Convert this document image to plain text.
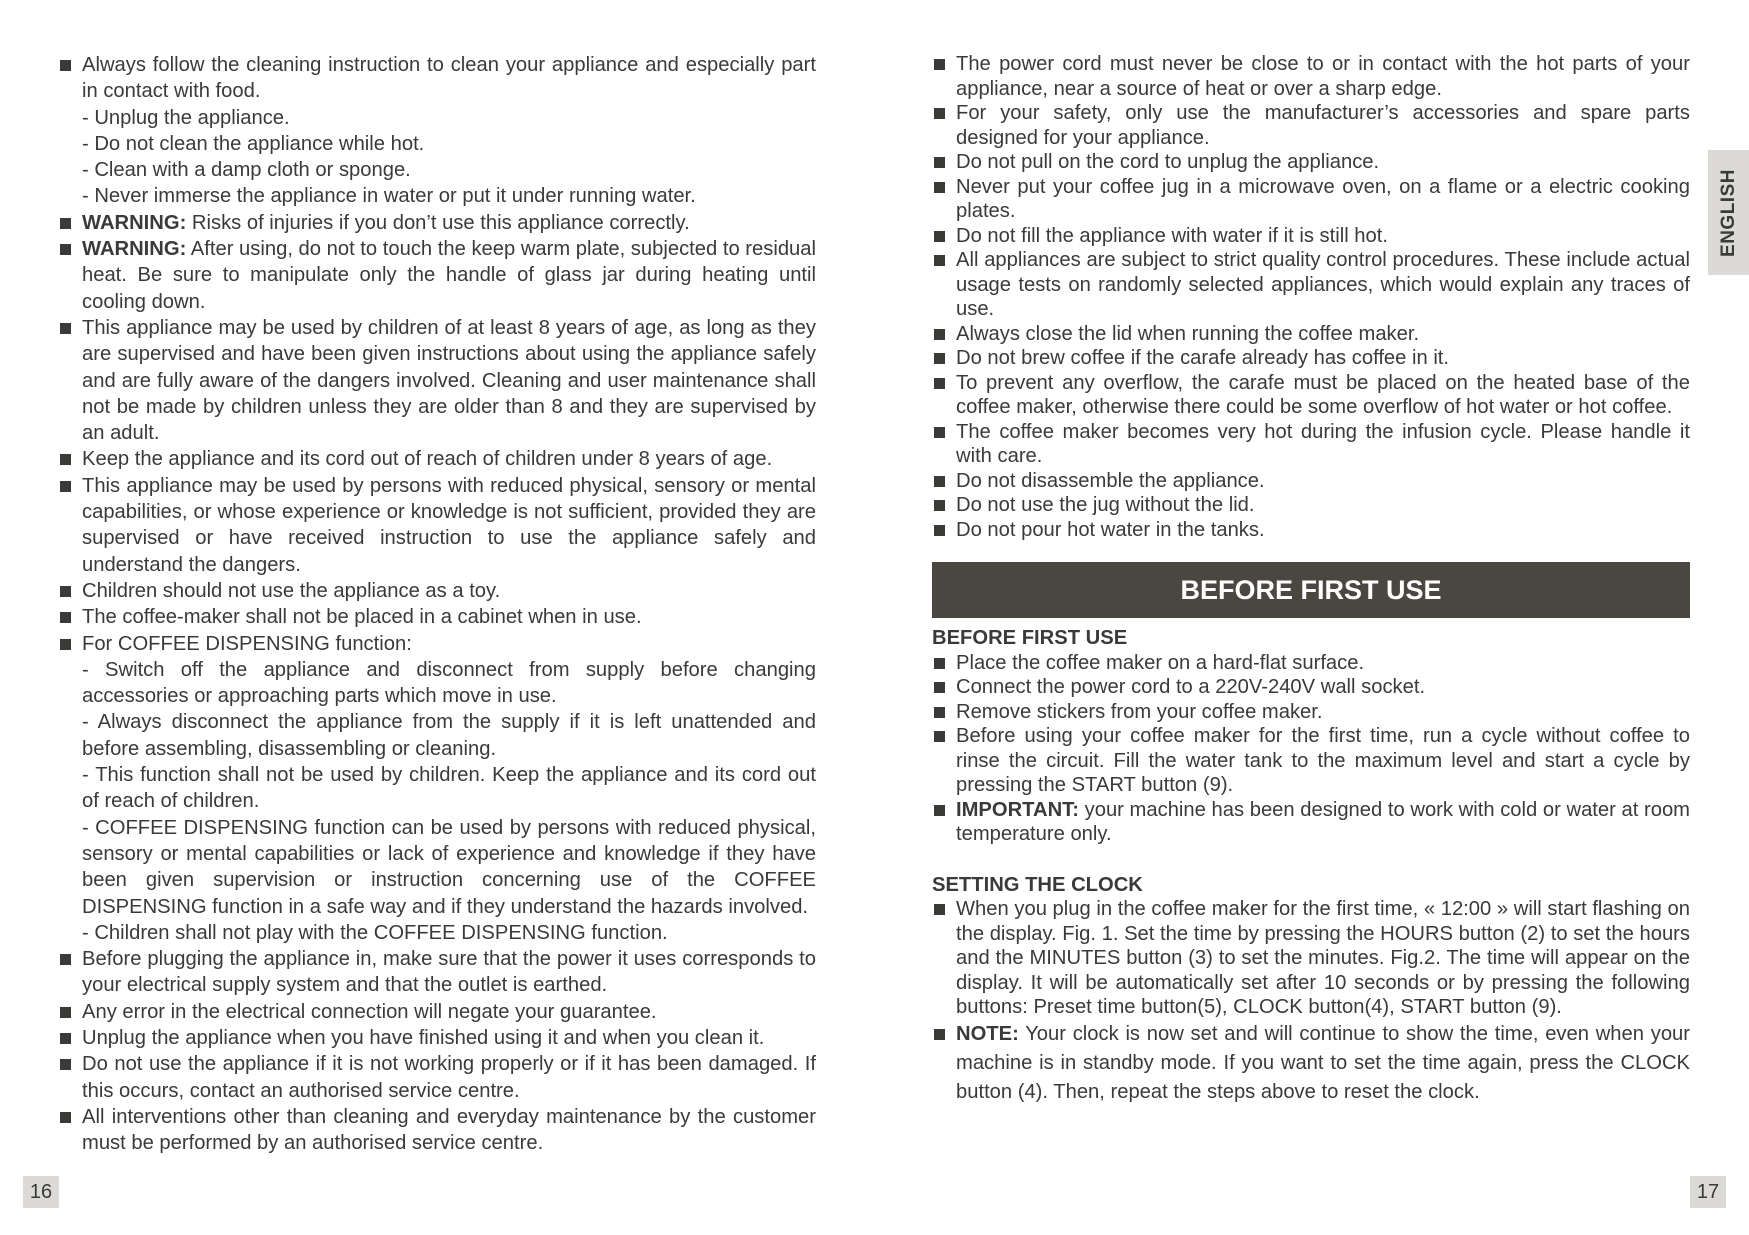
Always follow the cleaning instruction to clean your appliance and especially part in contact with food.
- Unplug the appliance.
- Do not clean the appliance while hot.
- Clean with a damp cloth or sponge.
- Never immerse the appliance in water or put it under running water.
WARNING: Risks of injuries if you don’t use this appliance correctly.
WARNING: After using, do not to touch the keep warm plate, subjected to residual heat. Be sure to manipulate only the handle of glass jar during heating until cooling down.
This appliance may be used by children of at least 8 years of age, as long as they are supervised and have been given instructions about using the appliance safely and are fully aware of the dangers involved. Cleaning and user maintenance shall not be made by children unless they are older than 8 and they are supervised by an adult.
Keep the appliance and its cord out of reach of children under 8 years of age.
This appliance may be used by persons with reduced physical, sensory or mental capabilities, or whose experience or knowledge is not sufficient, provided they are supervised or have received instruction to use the appliance safely and understand the dangers.
Children should not use the appliance as a toy.
The coffee-maker shall not be placed in a cabinet when in use.
For COFFEE DISPENSING function:
- Switch off the appliance and disconnect from supply before changing accessories or approaching parts which move in use.
- Always disconnect the appliance from the supply if it is left unattended and before assembling, disassembling or cleaning.
- This function shall not be used by children. Keep the appliance and its cord out of reach of children.
- COFFEE DISPENSING function can be used by persons with reduced physical, sensory or mental capabilities or lack of experience and knowledge if they have been given supervision or instruction concerning use of the COFFEE DISPENSING function in a safe way and if they understand the hazards involved.
- Children shall not play with the COFFEE DISPENSING function.
Before plugging the appliance in, make sure that the power it uses corresponds to your electrical supply system and that the outlet is earthed.
Any error in the electrical connection will negate your guarantee.
Unplug the appliance when you have finished using it and when you clean it.
Do not use the appliance if it is not working properly or if it has been damaged. If this occurs, contact an authorised service centre.
All interventions other than cleaning and everyday maintenance by the customer must be performed by an authorised service centre.
The power cord must never be close to or in contact with the hot parts of your appliance, near a source of heat or over a sharp edge.
For your safety, only use the manufacturer’s accessories and spare parts designed for your appliance.
Do not pull on the cord to unplug the appliance.
Never put your coffee jug in a microwave oven, on a flame or a electric cooking plates.
Do not fill the appliance with water if it is still hot.
All appliances are subject to strict quality control procedures. These include actual usage tests on randomly selected appliances, which would explain any traces of use.
Always close the lid when running the coffee maker.
Do not brew coffee if the carafe already has coffee in it.
To prevent any overflow, the carafe must be placed on the heated base of the coffee maker, otherwise there could be some overflow of hot water or hot coffee.
The coffee maker becomes very hot during the infusion cycle. Please handle it with care.
Do not disassemble the appliance.
Do not use the jug without the lid.
Do not pour hot water in the tanks.
BEFORE FIRST USE
BEFORE FIRST USE
Place the coffee maker on a hard-flat surface.
Connect the power cord to a 220V-240V wall socket.
Remove stickers from your coffee maker.
Before using your coffee maker for the first time, run a cycle without coffee to rinse the circuit. Fill the water tank to the maximum level and start a cycle by pressing the START button (9).
IMPORTANT: your machine has been designed to work with cold or water at room temperature only.
SETTING THE CLOCK
When you plug in the coffee maker for the first time, « 12:00 » will start flashing on the display. Fig. 1. Set the time by pressing the HOURS button (2) to set the hours and the MINUTES button (3) to set the minutes. Fig.2. The time will appear on the display. It will be automatically set after 10 seconds or by pressing the following buttons: Preset time button(5), CLOCK button(4), START button (9).
NOTE: Your clock is now set and will continue to show the time, even when your machine is in standby mode. If you want to set the time again, press the CLOCK button (4). Then, repeat the steps above to reset the clock.
ENGLISH
16	17
